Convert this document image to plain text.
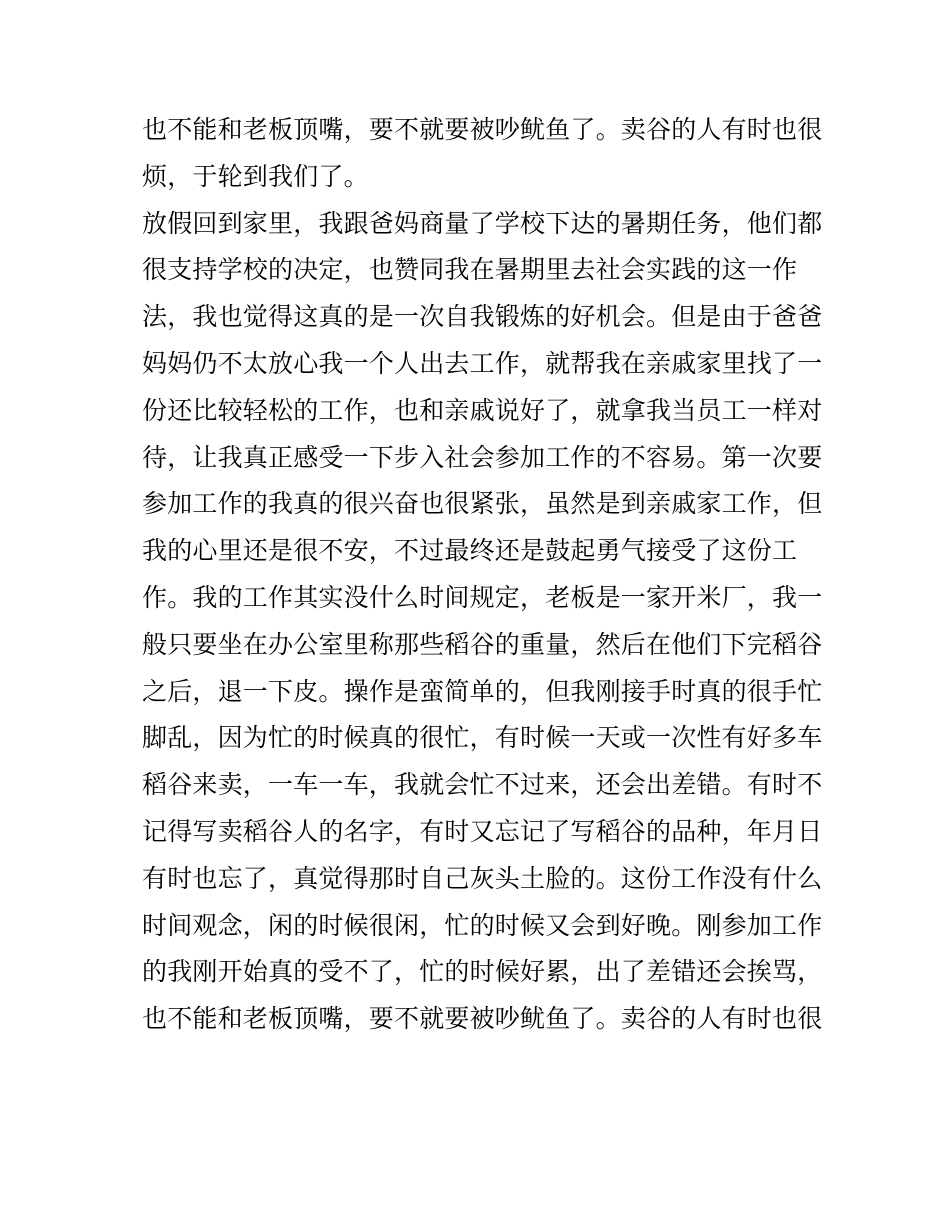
也不能和老板顶嘴，要不就要被吵鱿鱼了。卖谷的人有时也很
烦，于轮到我们了。
放假回到家里，我跟爸妈商量了学校下达的暑期任务，他们都
很支持学校的决定，也赞同我在暑期里去社会实践的这一作
法，我也觉得这真的是一次自我锻炼的好机会。但是由于爸爸
妈妈仍不太放心我一个人出去工作，就帮我在亲戚家里找了一
份还比较轻松的工作，也和亲戚说好了，就拿我当员工一样对
待，让我真正感受一下步入社会参加工作的不容易。第一次要
参加工作的我真的很兴奋也很紧张，虽然是到亲戚家工作，但
我的心里还是很不安，不过最终还是鼓起勇气接受了这份工
作。我的工作其实没什么时间规定，老板是一家开米厂，我一
般只要坐在办公室里称那些稻谷的重量，然后在他们下完稻谷
之后，退一下皮。操作是蛮简单的，但我刚接手时真的很手忙
脚乱，因为忙的时候真的很忙，有时候一天或一次性有好多车
稻谷来卖，一车一车，我就会忙不过来，还会出差错。有时不
记得写卖稻谷人的名字，有时又忘记了写稻谷的品种，年月日
有时也忘了，真觉得那时自己灰头土脸的。这份工作没有什么
时间观念，闲的时候很闲，忙的时候又会到好晚。刚参加工作
的我刚开始真的受不了，忙的时候好累，出了差错还会挨骂，
也不能和老板顶嘴，要不就要被吵鱿鱼了。卖谷的人有时也很
